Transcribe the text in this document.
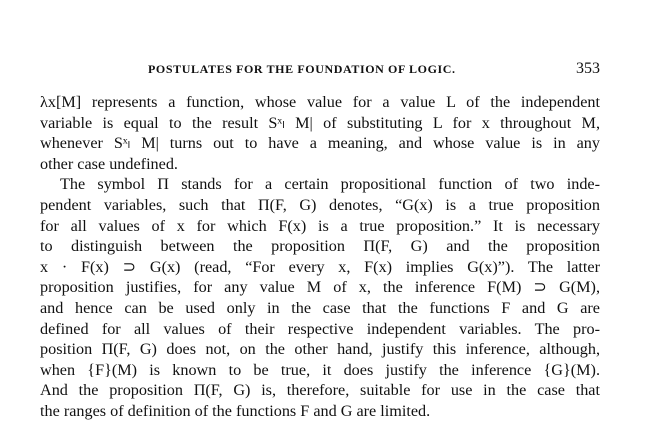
POSTULATES FOR THE FOUNDATION OF LOGIC.	353
λx[M] represents a function, whose value for a value L of the independent
variable is equal to the result Sˣₗ M| of substituting L for x throughout M,
whenever Sˣₗ M| turns out to have a meaning, and whose value is in any
other case undefined.
The symbol Π stands for a certain propositional function of two inde-
pendent variables, such that Π(F, G) denotes, “G(x) is a true proposition
for all values of x for which F(x) is a true proposition.” It is necessary
to distinguish between the proposition Π(F, G) and the proposition
x · F(x) ⊃ G(x) (read, “For every x, F(x) implies G(x)”). The latter
proposition justifies, for any value M of x, the inference F(M) ⊃ G(M),
and hence can be used only in the case that the functions F and G are
defined for all values of their respective independent variables. The pro-
position Π(F, G) does not, on the other hand, justify this inference, although,
when {F}(M) is known to be true, it does justify the inference {G}(M).
And the proposition Π(F, G) is, therefore, suitable for use in the case that
the ranges of definition of the functions F and G are limited.
